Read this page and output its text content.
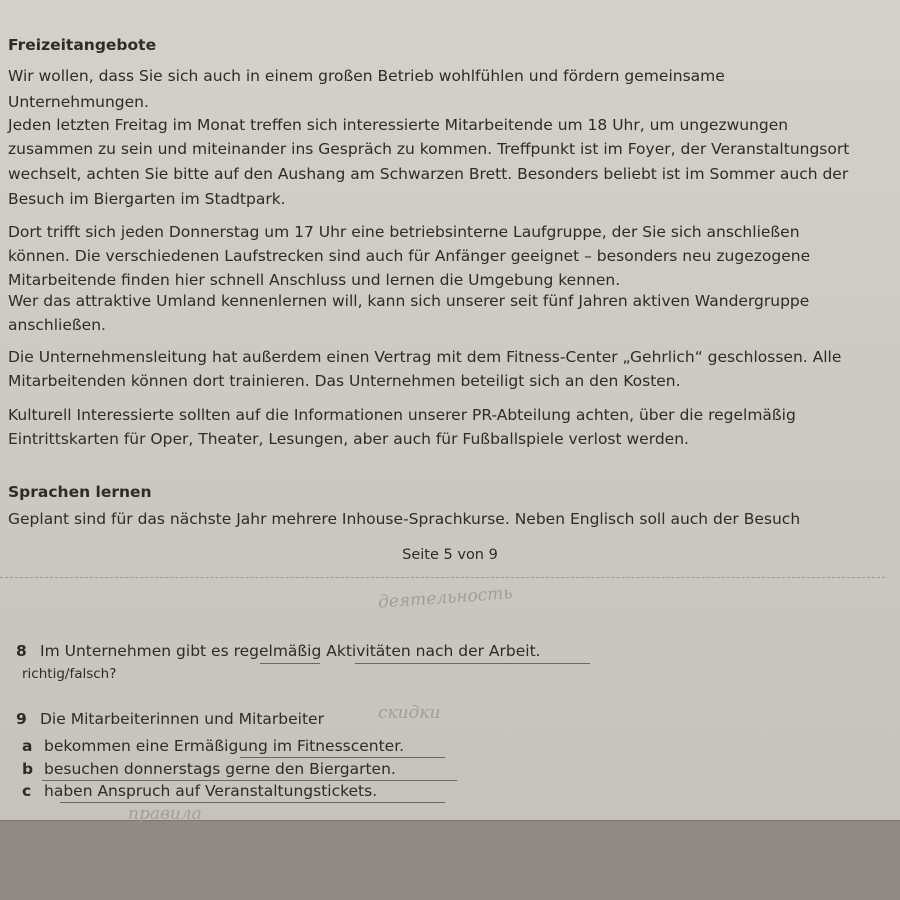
Freizeitangebote
Wir wollen, dass Sie sich auch in einem großen Betrieb wohlfühlen und fördern gemeinsame
Unternehmungen.
Jeden letzten Freitag im Monat treffen sich interessierte Mitarbeitende um 18 Uhr, um ungezwungen
zusammen zu sein und miteinander ins Gespräch zu kommen. Treffpunkt ist im Foyer, der Veranstaltungsort
wechselt, achten Sie bitte auf den Aushang am Schwarzen Brett. Besonders beliebt ist im Sommer auch der
Besuch im Biergarten im Stadtpark.
Dort trifft sich jeden Donnerstag um 17 Uhr eine betriebsinterne Laufgruppe, der Sie sich anschließen
können. Die verschiedenen Laufstrecken sind auch für Anfänger geeignet – besonders neu zugezogene
Mitarbeitende finden hier schnell Anschluss und lernen die Umgebung kennen.
Wer das attraktive Umland kennenlernen will, kann sich unserer seit fünf Jahren aktiven Wandergruppe
anschließen.
Die Unternehmensleitung hat außerdem einen Vertrag mit dem Fitness-Center „Gehrlich“ geschlossen. Alle
Mitarbeitenden können dort trainieren. Das Unternehmen beteiligt sich an den Kosten.
Kulturell Interessierte sollten auf die Informationen unserer PR-Abteilung achten, über die regelmäßig
Eintrittskarten für Oper, Theater, Lesungen, aber auch für Fußballspiele verlost werden.
Sprachen lernen
Geplant sind für das nächste Jahr mehrere Inhouse-Sprachkurse. Neben Englisch soll auch der Besuch
Seite 5 von 9
деятельность
8 Im Unternehmen gibt es regelmäßig Aktivitäten nach der Arbeit.
richtig/falsch?
9 Die Mitarbeiterinnen und Mitarbeiter	скидки
a bekommen eine Ermäßigung im Fitnesscenter.
b besuchen donnerstags gerne den Biergarten.
c haben Anspruch auf Veranstaltungstickets.
правила
